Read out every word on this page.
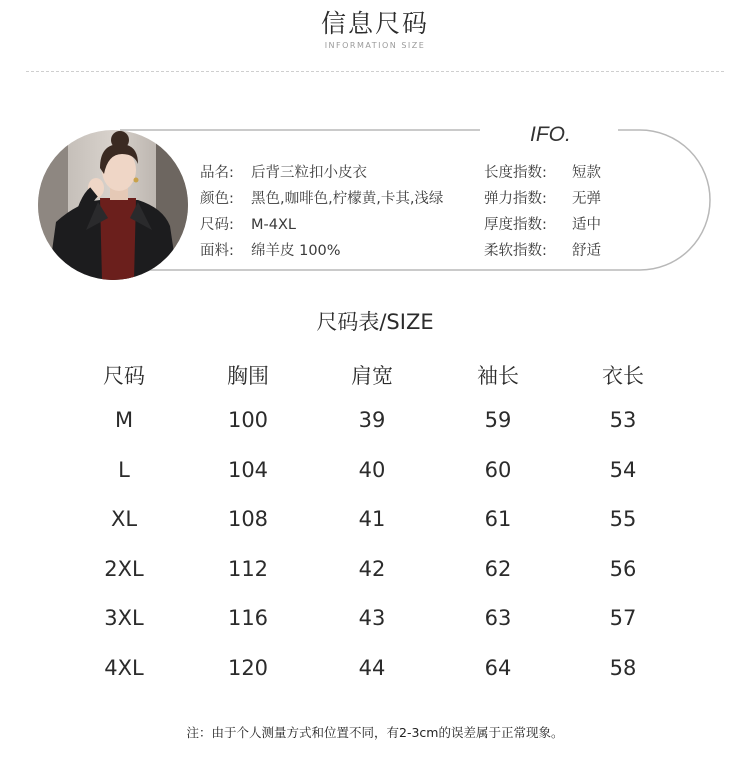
信息尺码
INFORMATION SIZE
IFO.
品名: 后背三粒扣小皮衣
颜色: 黑色,咖啡色,柠檬黄,卡其,浅绿
尺码: M-4XL
面料: 绵羊皮 100%
长度指数: 短款
弹力指数: 无弹
厚度指数: 适中
柔软指数: 舒适
尺码表/SIZE
尺码	胸围	肩宽	袖长	衣长
M	100	39	59	53
L	104	40	60	54
XL	108	41	61	55
2XL	112	42	62	56
3XL	116	43	63	57
4XL	120	44	64	58
注：由于个人测量方式和位置不同，有2-3cm的误差属于正常现象。
